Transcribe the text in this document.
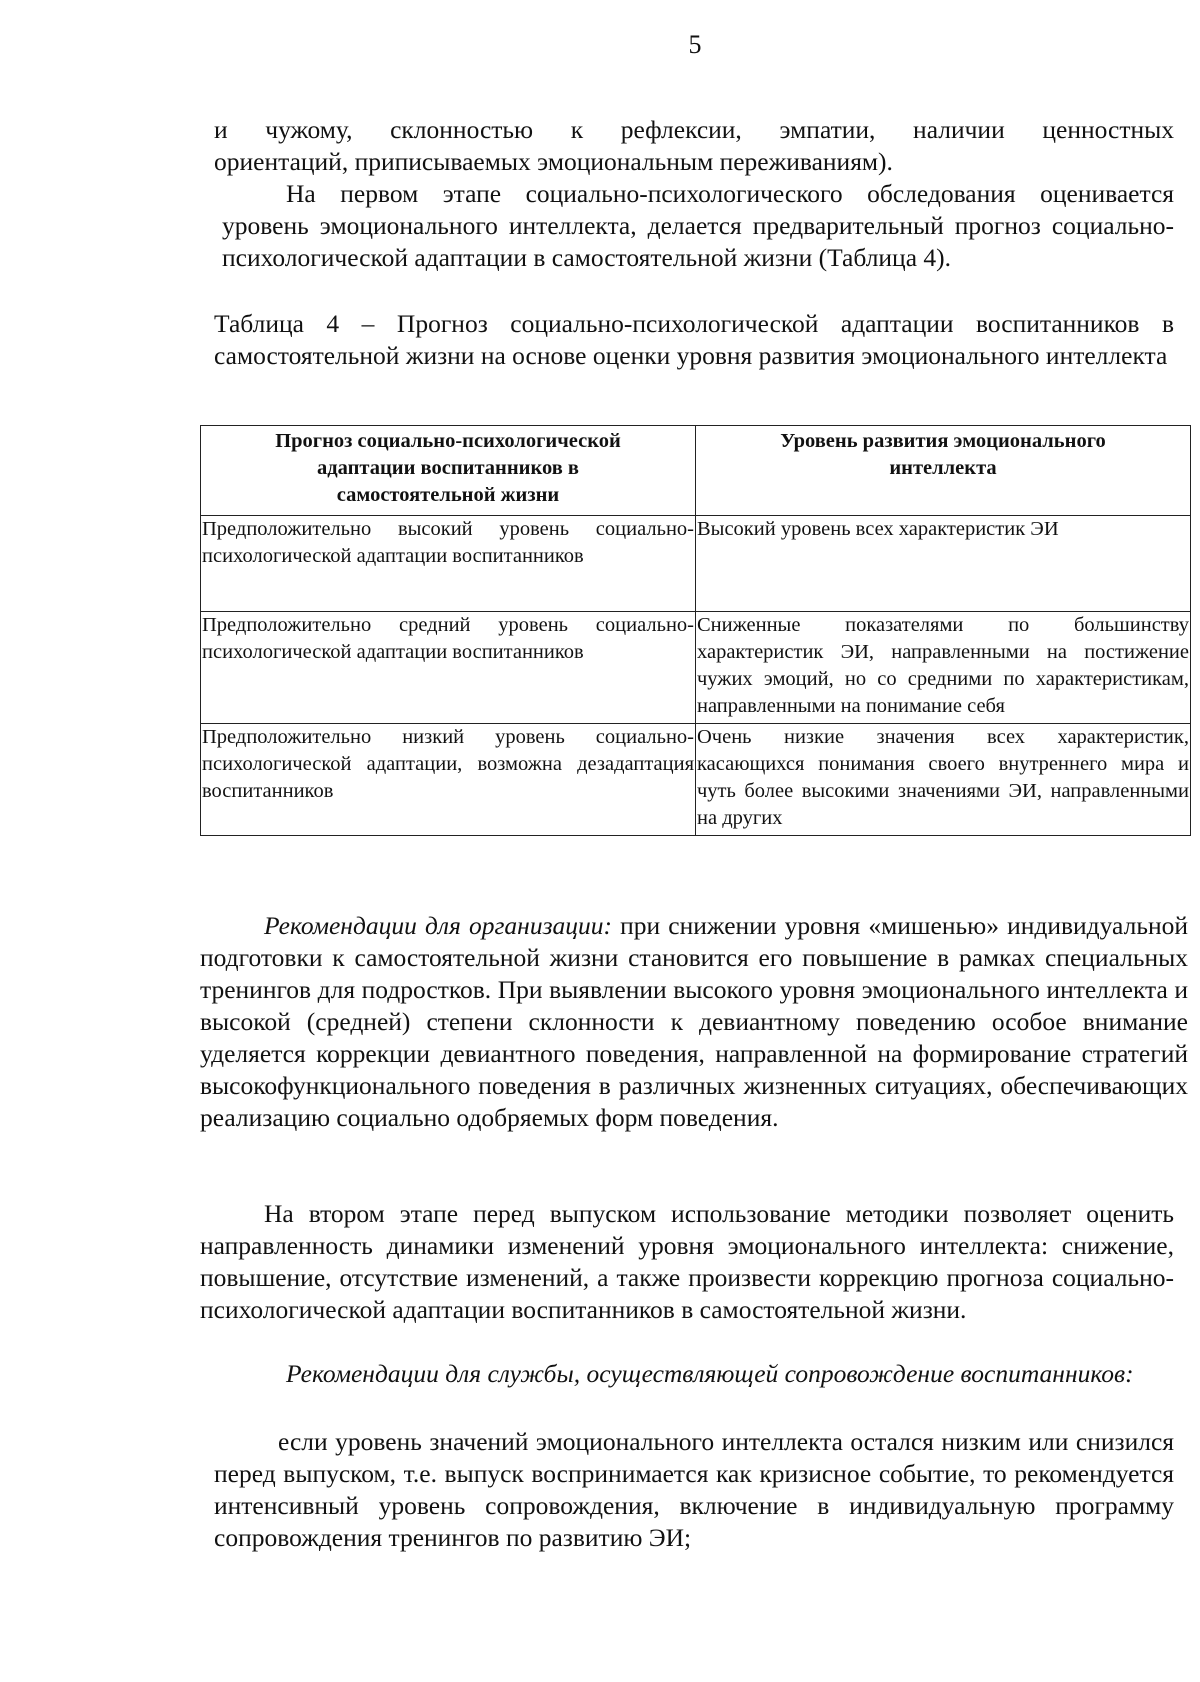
5

и чужому, склонностью к рефлексии, эмпатии, наличии ценностных

ориентаций, приписываемых эмоциональным переживаниям).

На первом этапе социально-психологического обследования оценивается уровень эмоционального интеллекта, делается предварительный прогноз социально-психологической адаптации в самостоятельной жизни (Таблица 4).
Таблица 4 – Прогноз социально-психологической адаптации воспитанников в самостоятельной жизни на основе оценки уровня развития эмоционального интеллекта
Прогноз социально-психологической адаптации воспитанников в самостоятельной жизни	Уровень развития эмоционального интеллекта
Предположительно высокий уровень социально-психологической адаптации воспитанников	Высокий уровень всех характеристик ЭИ
Предположительно средний уровень социально-психологической адаптации воспитанников	Сниженные показателями по большинству характеристик ЭИ, направленными на постижение чужих эмоций, но со средними по характеристикам, направленными на понимание себя
Предположительно низкий уровень социально-психологической адаптации, возможна дезадаптация воспитанников	Очень низкие значения всех характеристик, касающихся понимания своего внутреннего мира и чуть более высокими значениями ЭИ, направленными на других
Рекомендации для организации: при снижении уровня «мишенью» индивидуальной подготовки к самостоятельной жизни становится его повышение в рамках специальных тренингов для подростков. При выявлении высокого уровня эмоционального интеллекта и высокой (средней) степени склонности к девиантному поведению особое внимание уделяется коррекции девиантного поведения, направленной на формирование стратегий высокофункционального поведения в различных жизненных ситуациях, обеспечивающих реализацию социально одобряемых форм поведения.
На втором этапе перед выпуском использование методики позволяет оценить направленность динамики изменений уровня эмоционального интеллекта: снижение, повышение, отсутствие изменений, а также произвести коррекцию прогноза социально-психологической адаптации воспитанников в самостоятельной жизни.
Рекомендации для службы, осуществляющей сопровождение воспитанников:
если уровень значений эмоционального интеллекта остался низким или снизился перед выпуском, т.е. выпуск воспринимается как кризисное событие, то рекомендуется интенсивный уровень сопровождения, включение в индивидуальную программу сопровождения тренингов по развитию ЭИ;
